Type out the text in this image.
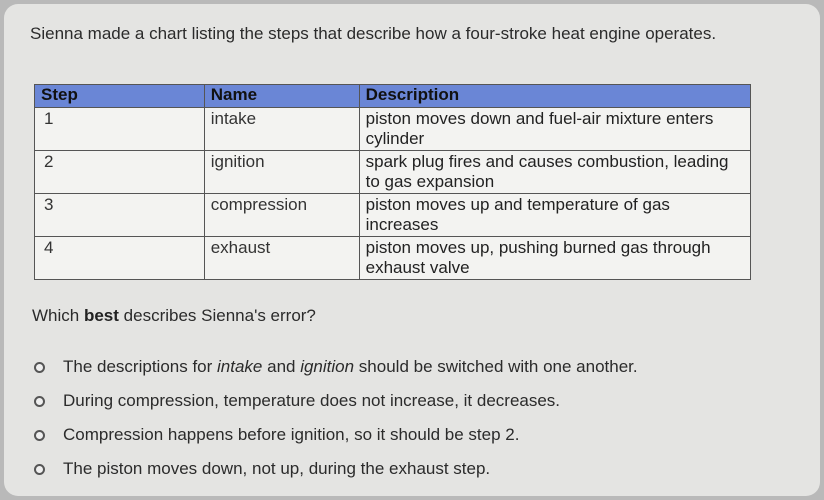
Sienna made a chart listing the steps that describe how a four-stroke heat engine operates.
Step	Name	Description
1	intake	piston moves down and fuel-air mixture enters cylinder
2	ignition	spark plug fires and causes combustion, leading to gas expansion
3	compression	piston moves up and temperature of gas increases
4	exhaust	piston moves up, pushing burned gas through exhaust valve
Which best describes Sienna's error?
The descriptions for intake and ignition should be switched with one another.
During compression, temperature does not increase, it decreases.
Compression happens before ignition, so it should be step 2.
The piston moves down, not up, during the exhaust step.
